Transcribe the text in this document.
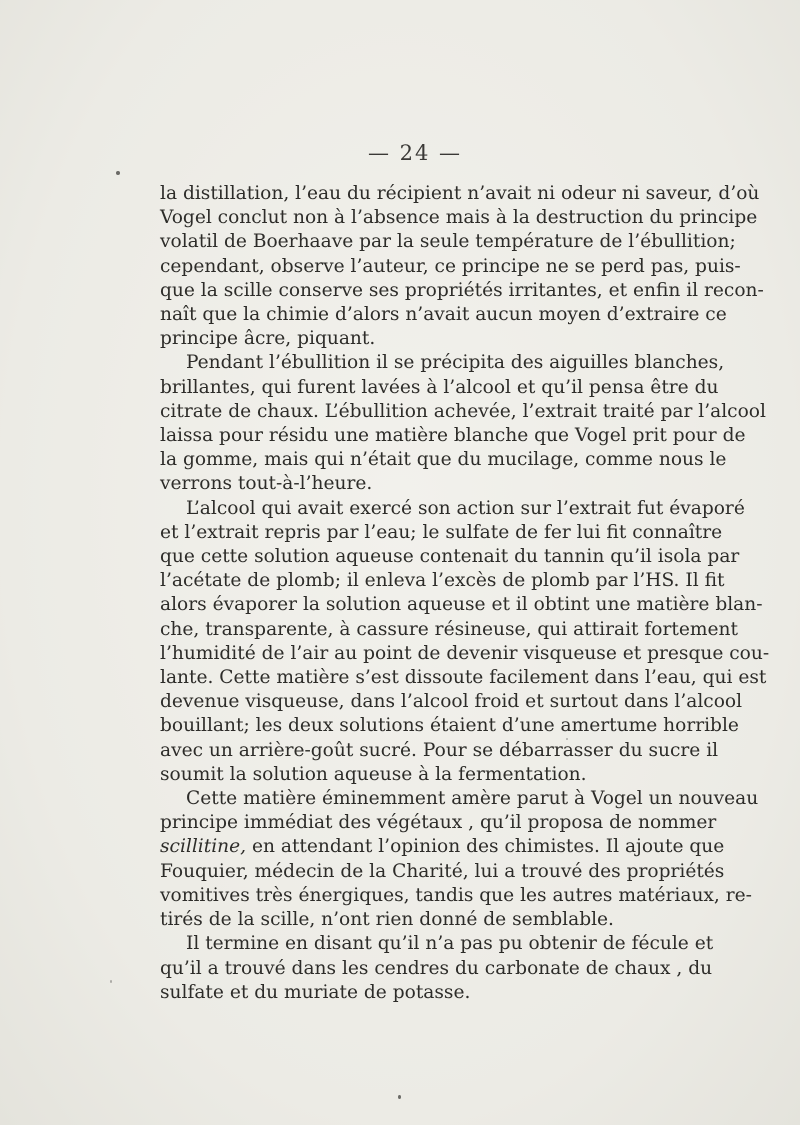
— 24 —

la distillation, l’eau du récipient n’avait ni odeur ni saveur, d’où
Vogel conclut non à l’absence mais à la destruction du principe
volatil de Boerhaave par la seule température de l’ébullition;
cependant, observe l’auteur, ce principe ne se perd pas, puis-
que la scille conserve ses propriétés irritantes, et enfin il recon-
naît que la chimie d’alors n’avait aucun moyen d’extraire ce
principe âcre, piquant.

Pendant l’ébullition il se précipita des aiguilles blanches,
brillantes, qui furent lavées à l’alcool et qu’il pensa être du
citrate de chaux. L’ébullition achevée, l’extrait traité par l’alcool
laissa pour résidu une matière blanche que Vogel prit pour de
la gomme, mais qui n’était que du mucilage, comme nous le
verrons tout-à-l’heure.

L’alcool qui avait exercé son action sur l’extrait fut évaporé
et l’extrait repris par l’eau; le sulfate de fer lui fit connaître
que cette solution aqueuse contenait du tannin qu’il isola par
l’acétate de plomb; il enleva l’excès de plomb par l’HS. Il fit
alors évaporer la solution aqueuse et il obtint une matière blan-
che, transparente, à cassure résineuse, qui attirait fortement
l’humidité de l’air au point de devenir visqueuse et presque cou-
lante. Cette matière s’est dissoute facilement dans l’eau, qui est
devenue visqueuse, dans l’alcool froid et surtout dans l’alcool
bouillant; les deux solutions étaient d’une amertume horrible
avec un arrière-goût sucré. Pour se débarrasser du sucre il
soumit la solution aqueuse à la fermentation.

Cette matière éminemment amère parut à Vogel un nouveau
principe immédiat des végétaux , qu’il proposa de nommer
scillitine, en attendant l’opinion des chimistes. Il ajoute que
Fouquier, médecin de la Charité, lui a trouvé des propriétés
vomitives très énergiques, tandis que les autres matériaux, re-
tirés de la scille, n’ont rien donné de semblable.

Il termine en disant qu’il n’a pas pu obtenir de fécule et
qu’il a trouvé dans les cendres du carbonate de chaux , du
sulfate et du muriate de potasse.
